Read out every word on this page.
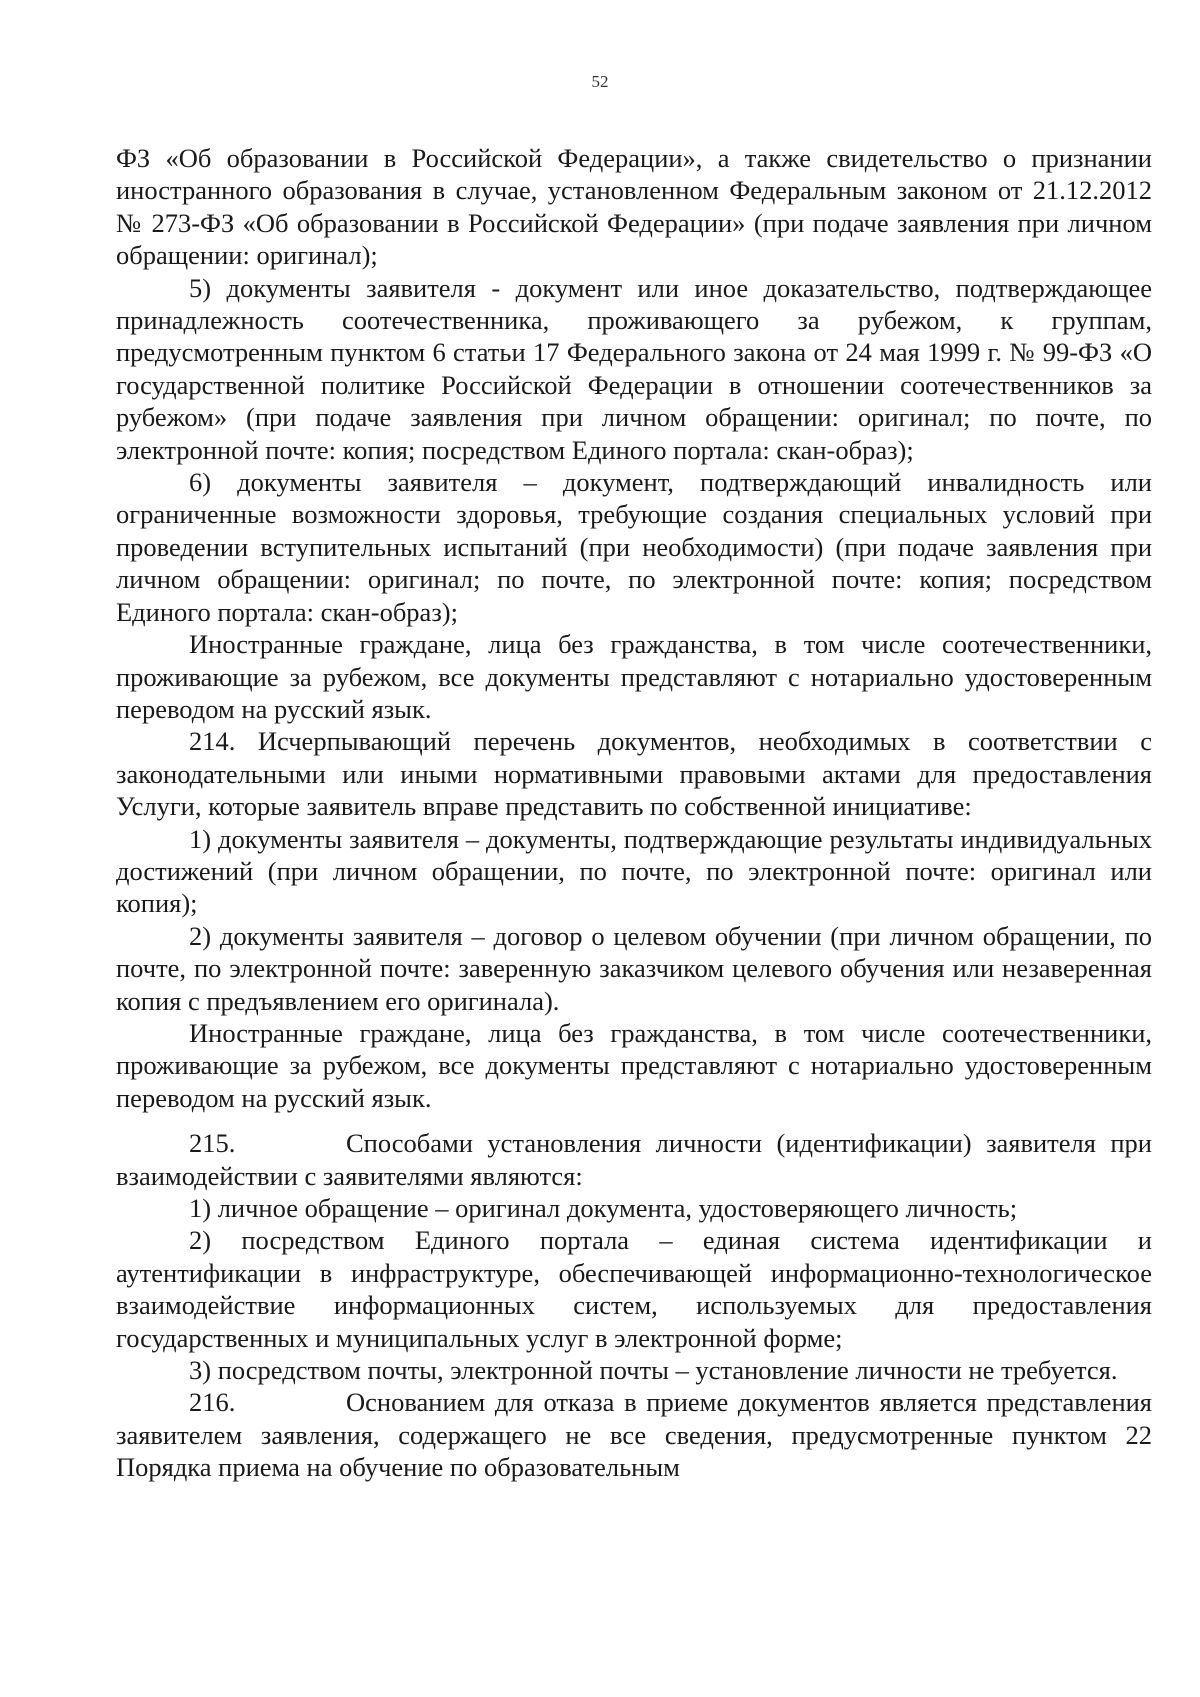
52

ФЗ «Об образовании в Российской Федерации», а также свидетельство о признании иностранного образования в случае, установленном Федеральным законом от 21.12.2012 № 273-ФЗ «Об образовании в Российской Федерации» (при подаче заявления при личном обращении: оригинал);

5) документы заявителя - документ или иное доказательство, подтверждающее принадлежность соотечественника, проживающего за рубежом, к группам, предусмотренным пунктом 6 статьи 17 Федерального закона от 24 мая 1999 г. № 99-ФЗ «О государственной политике Российской Федерации в отношении соотечественников за рубежом» (при подаче заявления при личном обращении: оригинал; по почте, по электронной почте: копия; посредством Единого портала: скан-образ);

6) документы заявителя – документ, подтверждающий инвалидность или ограниченные возможности здоровья, требующие создания специальных условий при проведении вступительных испытаний (при необходимости) (при подаче заявления при личном обращении: оригинал; по почте, по электронной почте: копия; посредством Единого портала: скан-образ);

Иностранные граждане, лица без гражданства, в том числе соотечественники, проживающие за рубежом, все документы представляют с нотариально удостоверенным переводом на русский язык.

214. Исчерпывающий перечень документов, необходимых в соответствии с законодательными или иными нормативными правовыми актами для предоставления Услуги, которые заявитель вправе представить по собственной инициативе:

1) документы заявителя – документы, подтверждающие результаты индивидуальных достижений (при личном обращении, по почте, по электронной почте: оригинал или копия);

2) документы заявителя – договор о целевом обучении (при личном обращении, по почте, по электронной почте: заверенную заказчиком целевого обучения или незаверенная копия с предъявлением его оригинала).

Иностранные граждане, лица без гражданства, в том числе соотечественники, проживающие за рубежом, все документы представляют с нотариально удостоверенным переводом на русский язык.

215.	Способами установления личности (идентификации) заявителя при взаимодействии с заявителями являются:

1) личное обращение – оригинал документа, удостоверяющего личность;

2) посредством Единого портала – единая система идентификации и аутентификации в инфраструктуре, обеспечивающей информационно-технологическое взаимодействие информационных систем, используемых для предоставления государственных и муниципальных услуг в электронной форме;

3) посредством почты, электронной почты – установление личности не требуется.

216.	Основанием для отказа в приеме документов является представления заявителем заявления, содержащего не все сведения, предусмотренные пунктом 22 Порядка приема на обучение по образовательным
